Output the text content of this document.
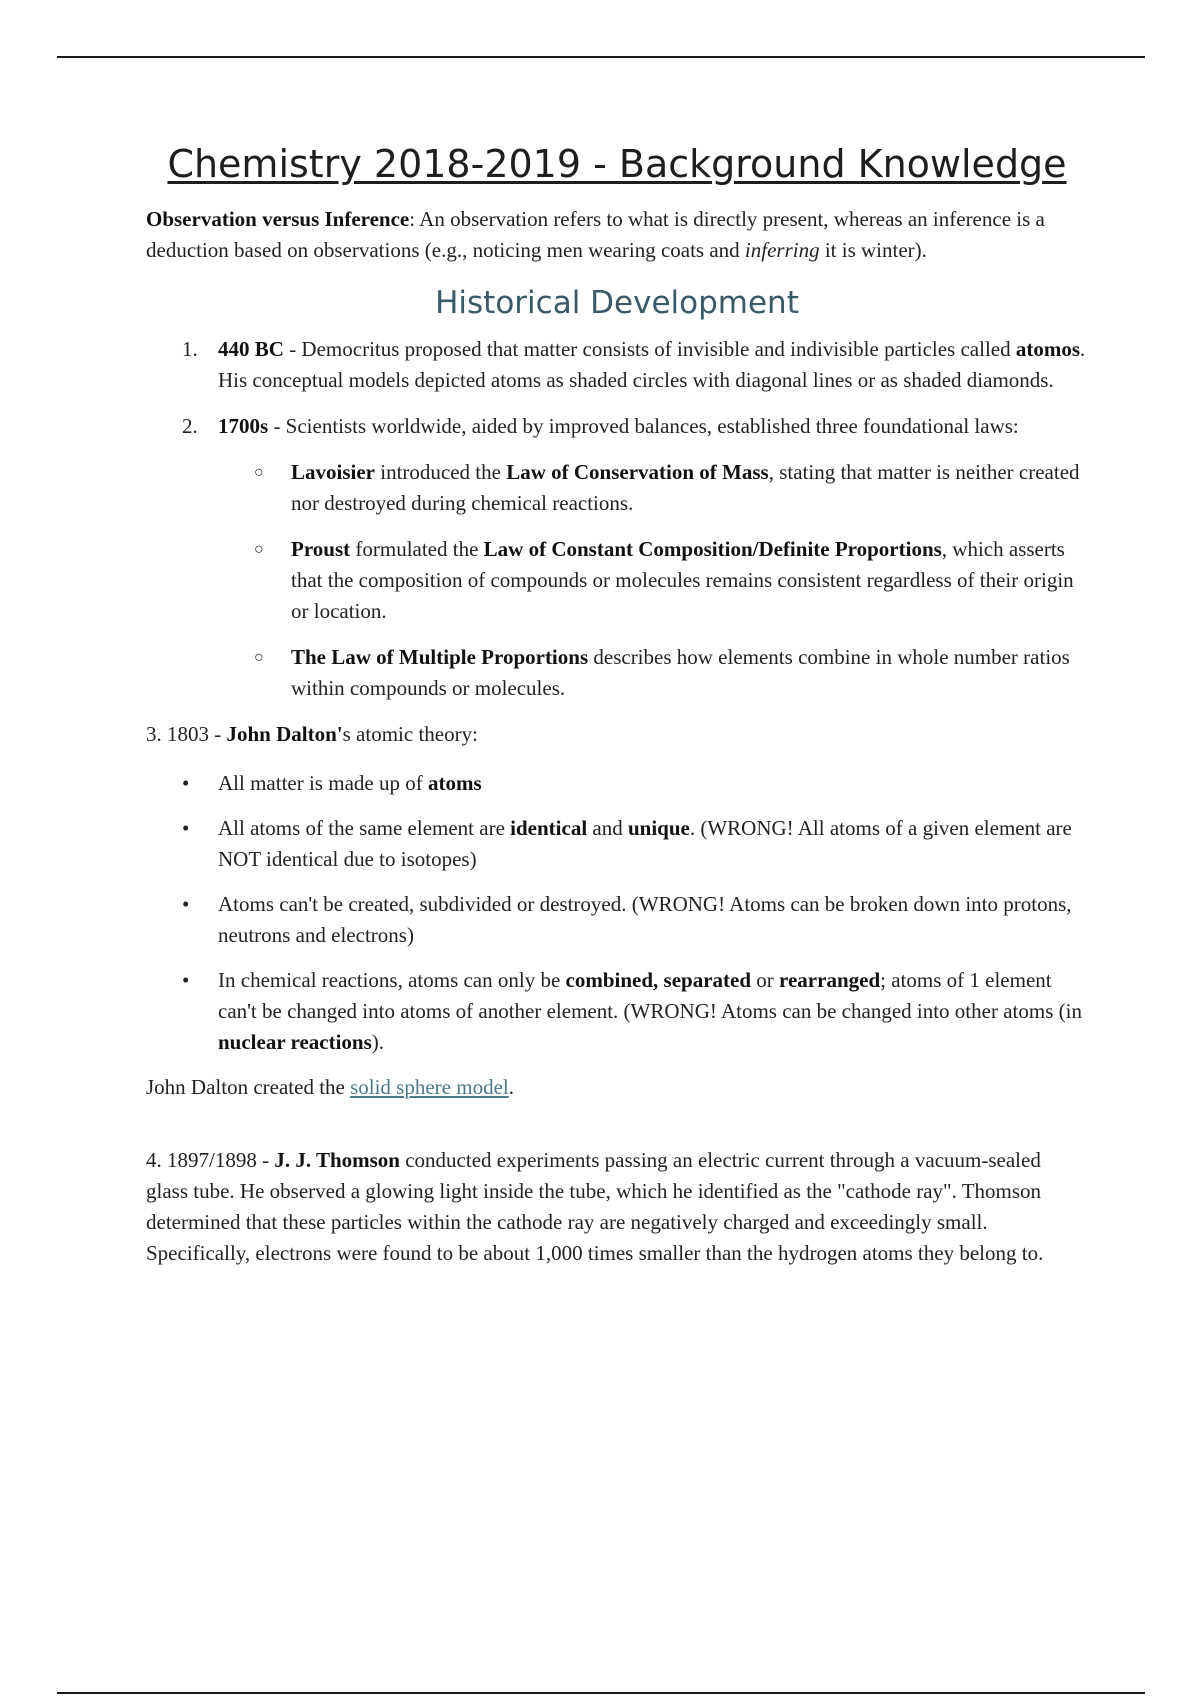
Chemistry 2018-2019 - Background Knowledge

Observation versus Inference: An observation refers to what is directly present, whereas an inference is a deduction based on observations (e.g., noticing men wearing coats and inferring it is winter).

Historical Development
1. 440 BC - Democritus proposed that matter consists of invisible and indivisible particles called atomos. His conceptual models depicted atoms as shaded circles with diagonal lines or as shaded diamonds.
2. 1700s - Scientists worldwide, aided by improved balances, established three foundational laws:
○ Lavoisier introduced the Law of Conservation of Mass, stating that matter is neither created nor destroyed during chemical reactions.
○ Proust formulated the Law of Constant Composition/Definite Proportions, which asserts that the composition of compounds or molecules remains consistent regardless of their origin or location.
○ The Law of Multiple Proportions describes how elements combine in whole number ratios within compounds or molecules.

3. 1803 - John Dalton's atomic theory:

• All matter is made up of atoms
• All atoms of the same element are identical and unique. (WRONG! All atoms of a given element are NOT identical due to isotopes)
• Atoms can't be created, subdivided or destroyed. (WRONG! Atoms can be broken down into protons, neutrons and electrons)
• In chemical reactions, atoms can only be combined, separated or rearranged; atoms of 1 element can't be changed into atoms of another element. (WRONG! Atoms can be changed into other atoms (in nuclear reactions).

John Dalton created the solid sphere model.

4. 1897/1898 - J. J. Thomson conducted experiments passing an electric current through a vacuum-sealed glass tube. He observed a glowing light inside the tube, which he identified as the "cathode ray". Thomson determined that these particles within the cathode ray are negatively charged and exceedingly small. Specifically, electrons were found to be about 1,000 times smaller than the hydrogen atoms they belong to.
